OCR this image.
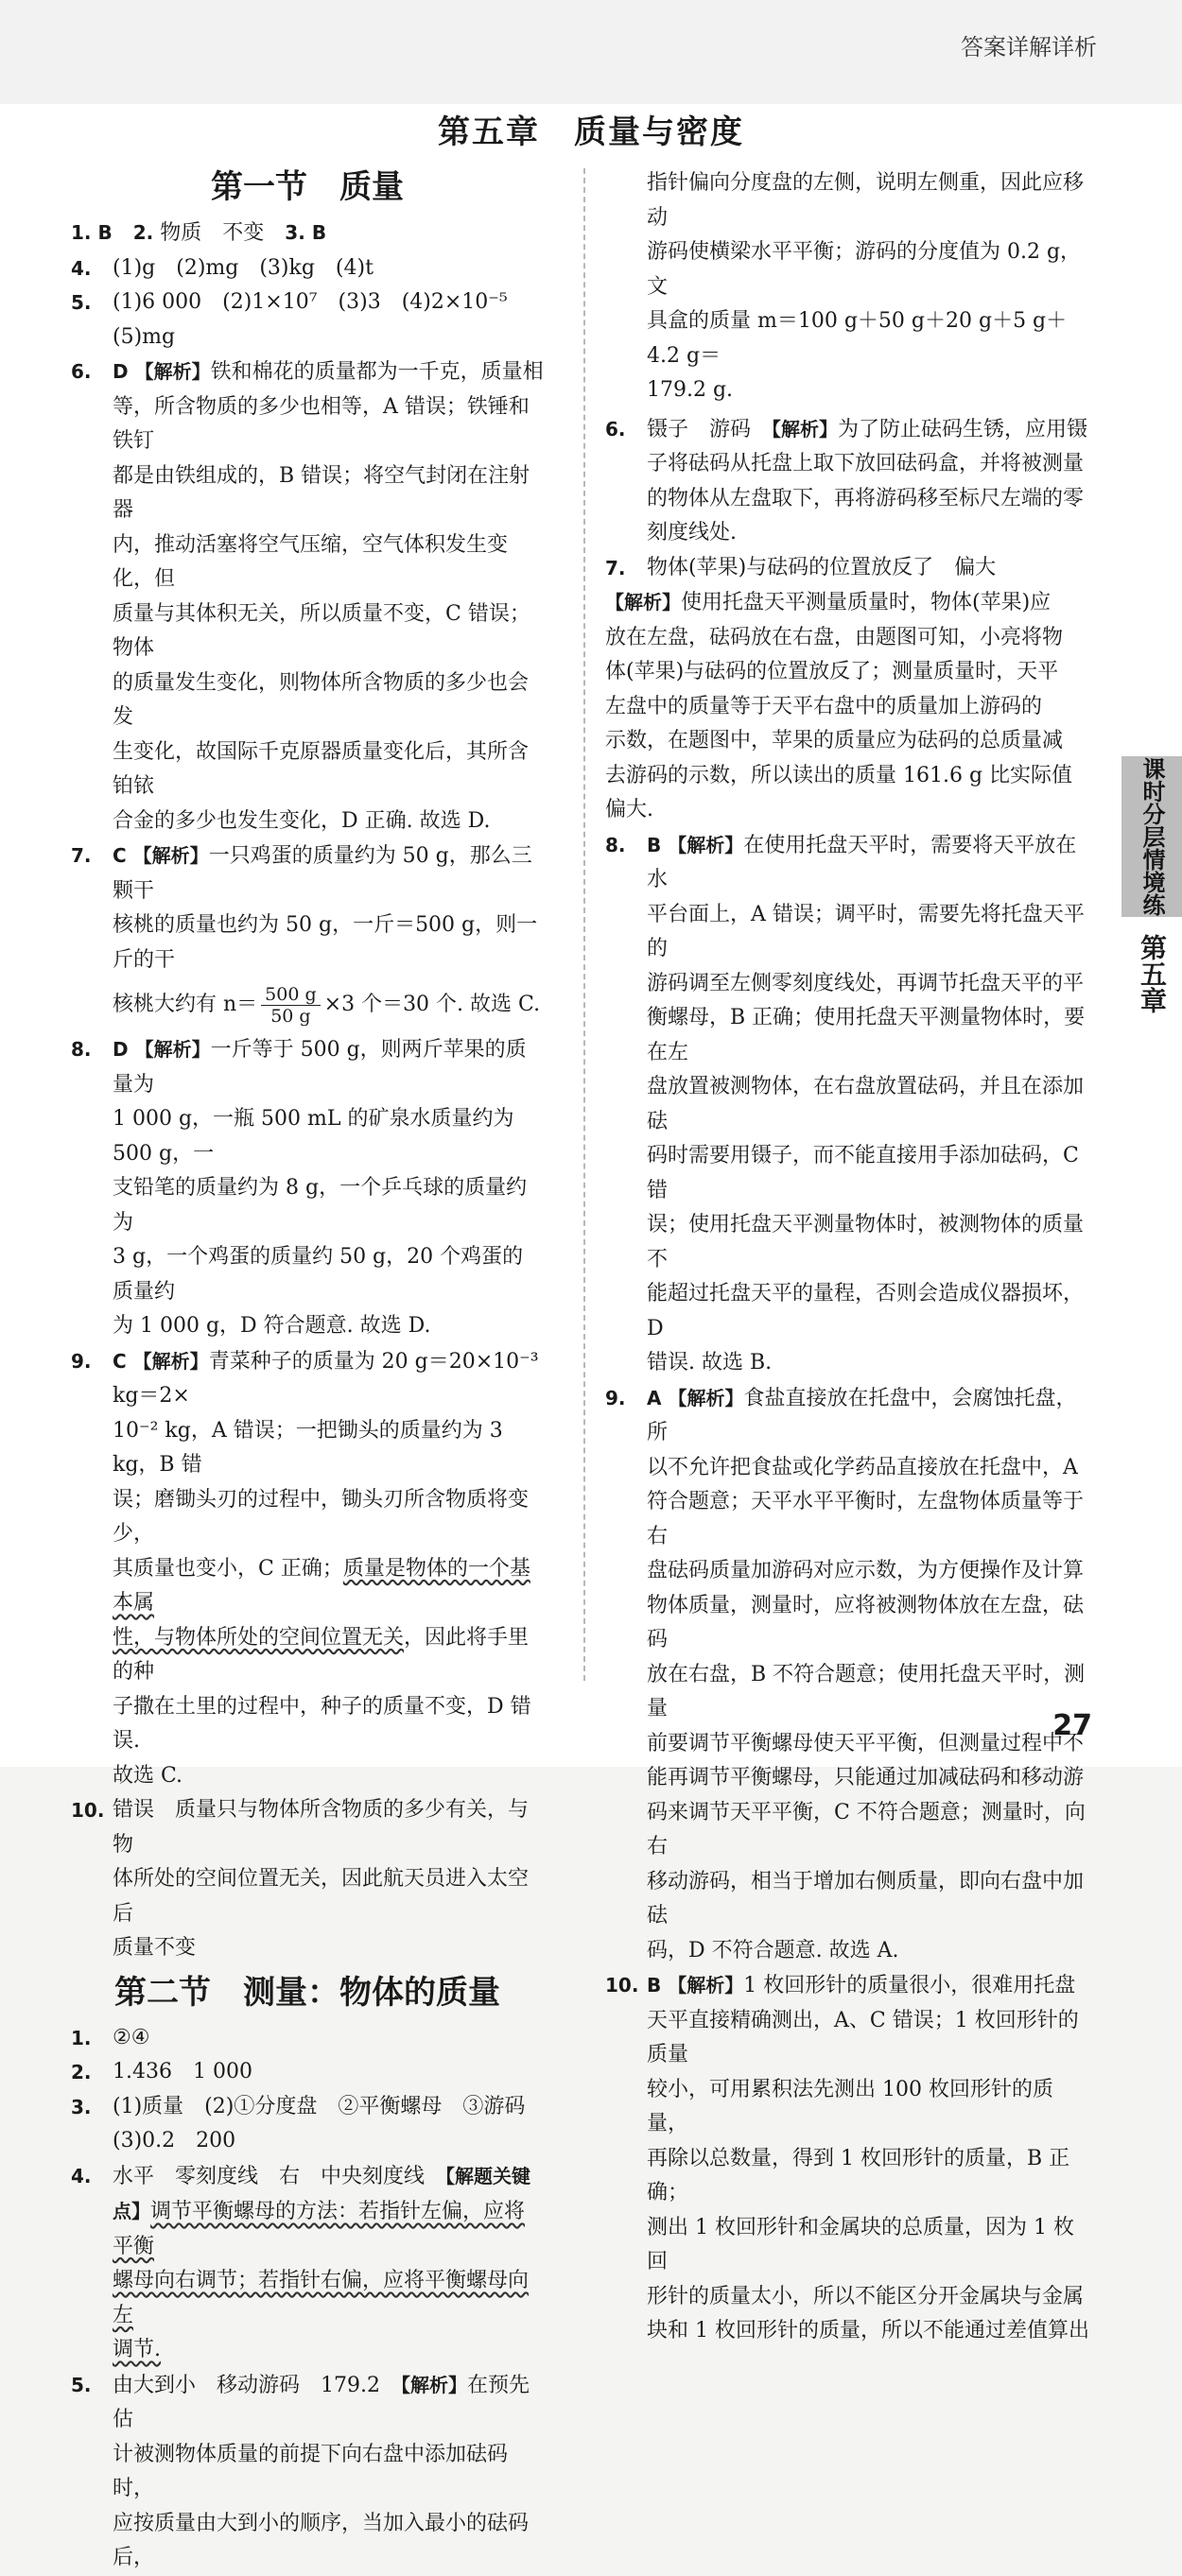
答案详解详析
第五章　质量与密度
第一节　质量
1. B 2. 物质　不变 3. B
4. (1)g　(2)mg　(3)kg　(4)t
5. (1)6 000　(2)1×10⁷　(3)3　(4)2×10⁻⁵　(5)mg
6. D 【解析】铁和棉花的质量都为一千克，质量相
等，所含物质的多少也相等，A 错误；铁锤和铁钉
都是由铁组成的，B 错误；将空气封闭在注射器
内，推动活塞将空气压缩，空气体积发生变化，但
质量与其体积无关，所以质量不变，C 错误；物体
的质量发生变化，则物体所含物质的多少也会发
生变化，故国际千克原器质量变化后，其所含铂铱
合金的多少也发生变化，D 正确. 故选 D.
7. C 【解析】一只鸡蛋的质量约为 50 g，那么三颗干
核桃的质量也约为 50 g，一斤＝500 g，则一斤的干
核桃大约有 $n= \frac{500 g}{50 g} \times 3$ 个＝30 个. 故选 C.
8. D 【解析】一斤等于 500 g，则两斤苹果的质量为
1 000 g，一瓶 500 mL 的矿泉水质量约为 500 g，一
支铅笔的质量约为 8 g，一个乒乓球的质量约为
3 g，一个鸡蛋的质量约 50 g，20 个鸡蛋的质量约
为 1 000 g，D 符合题意. 故选 D.
9. C 【解析】青菜种子的质量为 20 g＝20×10⁻³ kg＝2×
10⁻² kg，A 错误；一把锄头的质量约为 3 kg，B 错
误；磨锄头刃的过程中，锄头刃所含物质将变少，
其质量也变小，C 正确；质量是物体的一个基本属
性，与物体所处的空间位置无关，因此将手里的种
子撒在土里的过程中，种子的质量不变，D 错误.
故选 C.
10. 错误　质量只与物体所含物质的多少有关，与物
体所处的空间位置无关，因此航天员进入太空后
质量不变
第二节　测量：物体的质量
1. ②④
2. 1.436　1 000
3. (1)质量　(2)①分度盘　②平衡螺母　③游码
(3)0.2　200
4. 水平　零刻度线　右　中央刻度线　【解题关键
点】调节平衡螺母的方法：若指针左偏，应将平衡
螺母向右调节；若指针右偏，应将平衡螺母向左
调节.
5. 由大到小　移动游码　179.2　【解析】在预先估
计被测物体质量的前提下向右盘中添加砝码时，
应按质量由大到小的顺序，当加入最小的砝码后，
指针偏向分度盘的左侧，说明左侧重，因此应移动
游码使横梁水平平衡；游码的分度值为 0.2 g，文
具盒的质量 m＝100 g＋50 g＋20 g＋5 g＋4.2 g＝
179.2 g.
6. 镊子　游码　【解析】为了防止砝码生锈，应用镊
子将砝码从托盘上取下放回砝码盒，并将被测量
的物体从左盘取下，再将游码移至标尺左端的零
刻度线处.
7. 物体(苹果)与砝码的位置放反了　偏大
【解析】使用托盘天平测量质量时，物体(苹果)应
放在左盘，砝码放在右盘，由题图可知，小亮将物
体(苹果)与砝码的位置放反了；测量质量时，天平
左盘中的质量等于天平右盘中的质量加上游码的
示数，在题图中，苹果的质量应为砝码的总质量减
去游码的示数，所以读出的质量 161.6 g 比实际值
偏大.
8. B 【解析】在使用托盘天平时，需要将天平放在水
平台面上，A 错误；调平时，需要先将托盘天平的
游码调至左侧零刻度线处，再调节托盘天平的平
衡螺母，B 正确；使用托盘天平测量物体时，要在左
盘放置被测物体，在右盘放置砝码，并且在添加砝
码时需要用镊子，而不能直接用手添加砝码，C 错
误；使用托盘天平测量物体时，被测物体的质量不
能超过托盘天平的量程，否则会造成仪器损坏，D
错误. 故选 B.
9. A 【解析】食盐直接放在托盘中，会腐蚀托盘，所
以不允许把食盐或化学药品直接放在托盘中，A
符合题意；天平水平平衡时，左盘物体质量等于右
盘砝码质量加游码对应示数，为方便操作及计算
物体质量，测量时，应将被测物体放在左盘，砝码
放在右盘，B 不符合题意；使用托盘天平时，测量
前要调节平衡螺母使天平平衡，但测量过程中不
能再调节平衡螺母，只能通过加减砝码和移动游
码来调节天平平衡，C 不符合题意；测量时，向右
移动游码，相当于增加右侧质量，即向右盘中加砝
码，D 不符合题意. 故选 A.
10. B 【解析】1 枚回形针的质量很小，很难用托盘
天平直接精确测出，A、C 错误；1 枚回形针的质量
较小，可用累积法先测出 100 枚回形针的质量，
再除以总数量，得到 1 枚回形针的质量，B 正确；
测出 1 枚回形针和金属块的总质量，因为 1 枚回
形针的质量太小，所以不能区分开金属块与金属
块和 1 枚回形针的质量，所以不能通过差值算出
课时分层情境练
第五章
27
